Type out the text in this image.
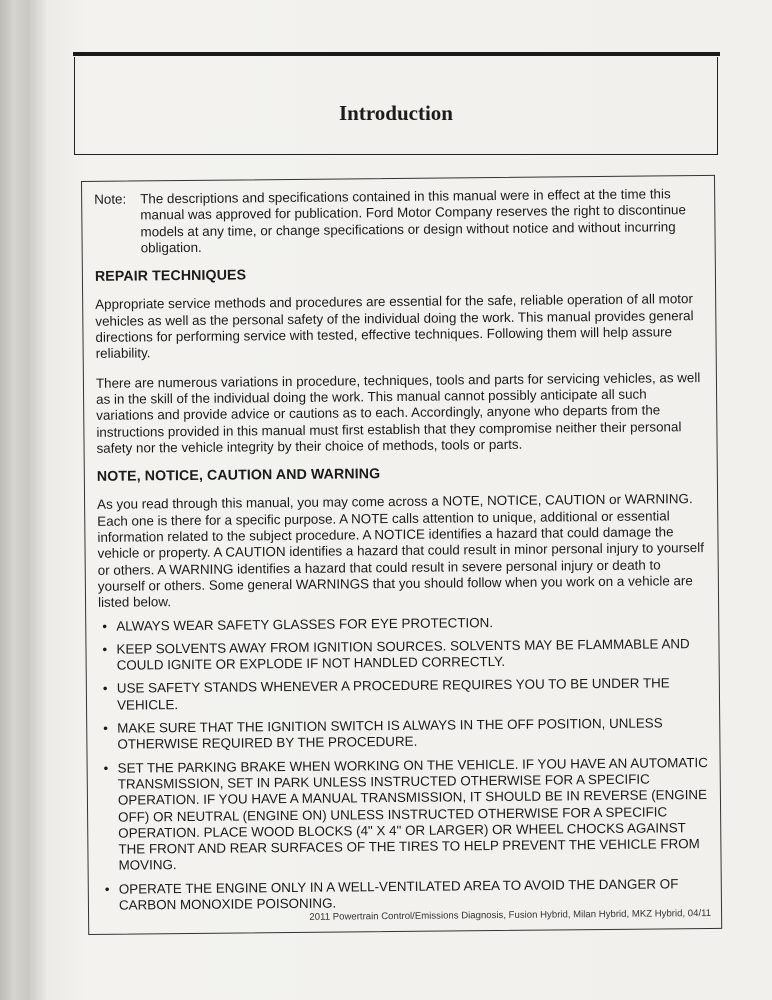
Introduction
Note:	The descriptions and specifications contained in this manual were in effect at the time this manual was approved for publication. Ford Motor Company reserves the right to discontinue models at any time, or change specifications or design without notice and without incurring obligation.
REPAIR TECHNIQUES

Appropriate service methods and procedures are essential for the safe, reliable operation of all motor vehicles as well as the personal safety of the individual doing the work. This manual provides general directions for performing service with tested, effective techniques. Following them will help assure reliability.

There are numerous variations in procedure, techniques, tools and parts for servicing vehicles, as well as in the skill of the individual doing the work. This manual cannot possibly anticipate all such variations and provide advice or cautions as to each. Accordingly, anyone who departs from the instructions provided in this manual must first establish that they compromise neither their personal safety nor the vehicle integrity by their choice of methods, tools or parts.

NOTE, NOTICE, CAUTION AND WARNING

As you read through this manual, you may come across a NOTE, NOTICE, CAUTION or WARNING. Each one is there for a specific purpose. A NOTE calls attention to unique, additional or essential information related to the subject procedure. A NOTICE identifies a hazard that could damage the vehicle or property. A CAUTION identifies a hazard that could result in minor personal injury to yourself or others. A WARNING identifies a hazard that could result in severe personal injury or death to yourself or others. Some general WARNINGS that you should follow when you work on a vehicle are listed below.

• ALWAYS WEAR SAFETY GLASSES FOR EYE PROTECTION.
• KEEP SOLVENTS AWAY FROM IGNITION SOURCES. SOLVENTS MAY BE FLAMMABLE AND COULD IGNITE OR EXPLODE IF NOT HANDLED CORRECTLY.
• USE SAFETY STANDS WHENEVER A PROCEDURE REQUIRES YOU TO BE UNDER THE VEHICLE.
• MAKE SURE THAT THE IGNITION SWITCH IS ALWAYS IN THE OFF POSITION, UNLESS OTHERWISE REQUIRED BY THE PROCEDURE.
• SET THE PARKING BRAKE WHEN WORKING ON THE VEHICLE. IF YOU HAVE AN AUTOMATIC TRANSMISSION, SET IN PARK UNLESS INSTRUCTED OTHERWISE FOR A SPECIFIC OPERATION. IF YOU HAVE A MANUAL TRANSMISSION, IT SHOULD BE IN REVERSE (ENGINE OFF) OR NEUTRAL (ENGINE ON) UNLESS INSTRUCTED OTHERWISE FOR A SPECIFIC OPERATION. PLACE WOOD BLOCKS (4" X 4" OR LARGER) OR WHEEL CHOCKS AGAINST THE FRONT AND REAR SURFACES OF THE TIRES TO HELP PREVENT THE VEHICLE FROM MOVING.
• OPERATE THE ENGINE ONLY IN A WELL-VENTILATED AREA TO AVOID THE DANGER OF CARBON MONOXIDE POISONING.
2011 Powertrain Control/Emissions Diagnosis, Fusion Hybrid, Milan Hybrid, MKZ Hybrid, 04/11
